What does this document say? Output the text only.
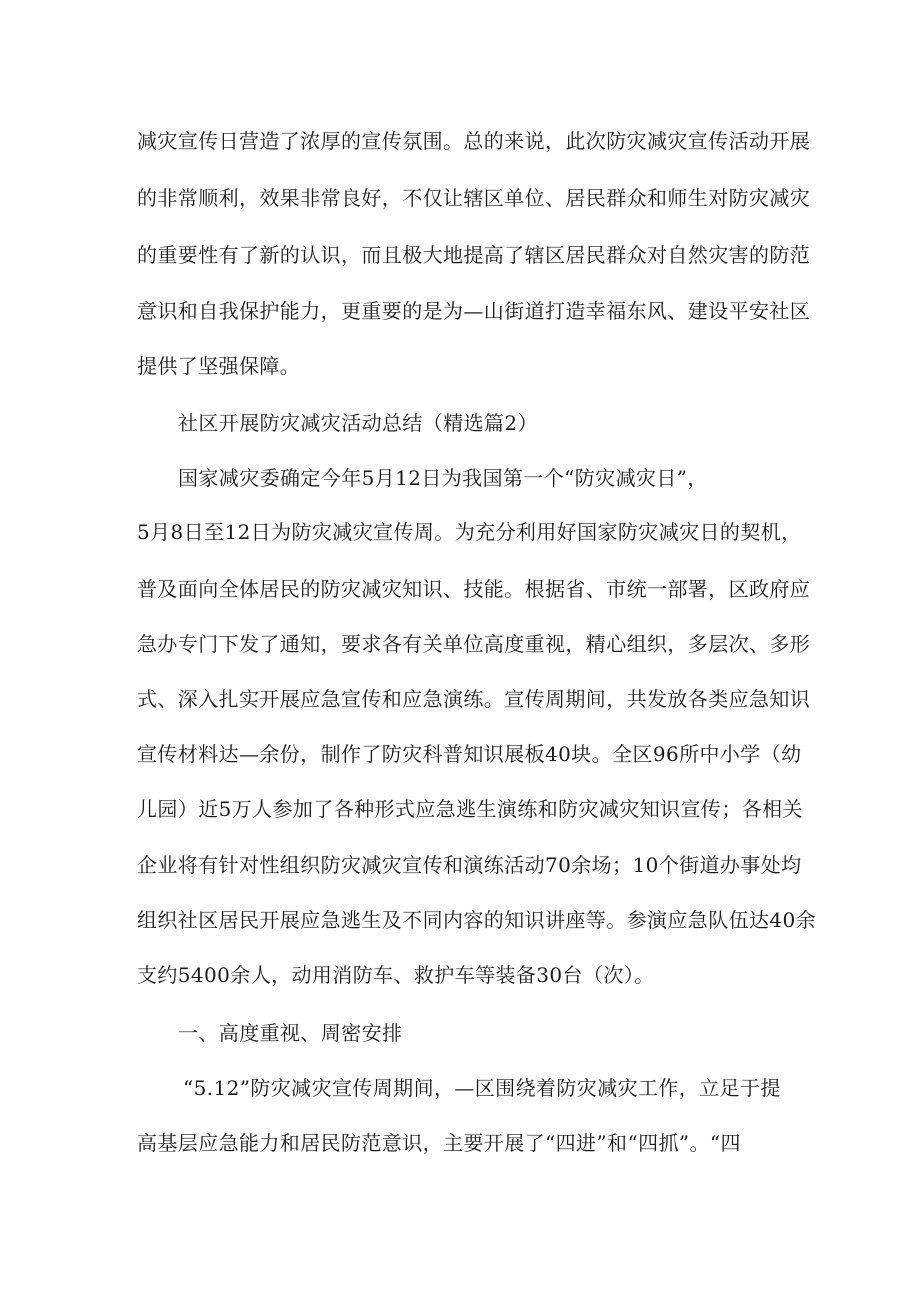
减灾宣传日营造了浓厚的宣传氛围。总的来说，此次防灾减灾宣传活动开展
的非常顺利，效果非常良好，不仅让辖区单位、居民群众和师生对防灾减灾
的重要性有了新的认识，而且极大地提高了辖区居民群众对自然灾害的防范
意识和自我保护能力，更重要的是为—山街道打造幸福东风、建设平安社区
提供了坚强保障。
社区开展防灾减灾活动总结（精选篇2）
国家减灾委确定今年5月12日为我国第一个“防灾减灾日”，
5月8日至12日为防灾减灾宣传周。为充分利用好国家防灾减灾日的契机，
普及面向全体居民的防灾减灾知识、技能。根据省、市统一部署，区政府应
急办专门下发了通知，要求各有关单位高度重视，精心组织，多层次、多形
式、深入扎实开展应急宣传和应急演练。宣传周期间，共发放各类应急知识
宣传材料达—余份，制作了防灾科普知识展板40块。全区96所中小学（幼
儿园）近5万人参加了各种形式应急逃生演练和防灾减灾知识宣传；各相关
企业将有针对性组织防灾减灾宣传和演练活动70余场；10个街道办事处均
组织社区居民开展应急逃生及不同内容的知识讲座等。参演应急队伍达40余
支约5400余人，动用消防车、救护车等装备30台（次）。
一、高度重视、周密安排
“5.12”防灾减灾宣传周期间，—区围绕着防灾减灾工作，立足于提
高基层应急能力和居民防范意识，主要开展了“四进”和“四抓”。“四
